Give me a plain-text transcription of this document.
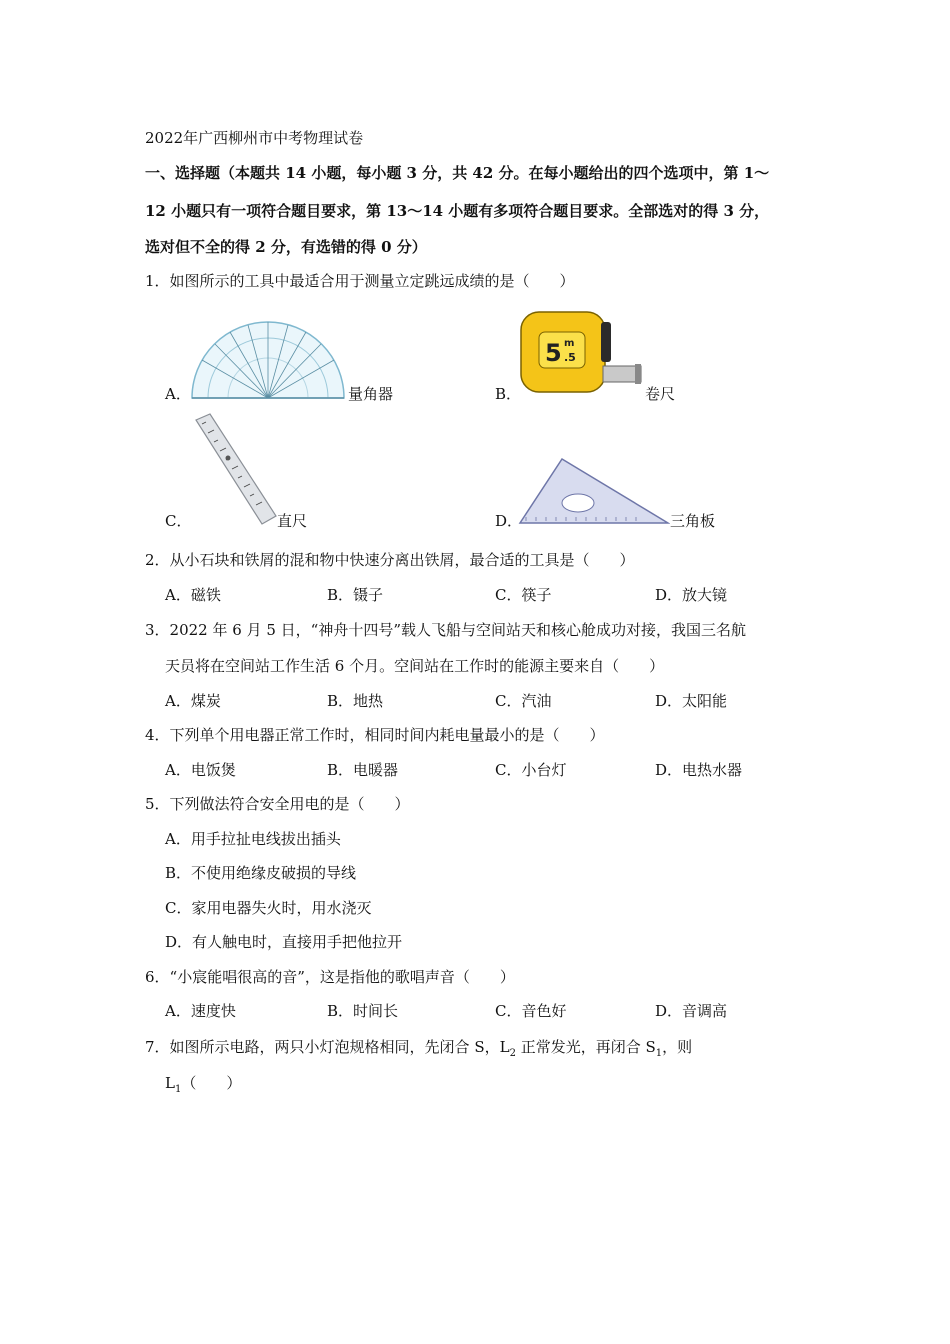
2022年广西柳州市中考物理试卷
一、选择题（本题共 14 小题，每小题 3 分，共 42 分。在每小题给出的四个选项中，第 1～
12 小题只有一项符合题目要求，第 13～14 小题有多项符合题目要求。全部选对的得 3 分，
选对但不全的得 2 分，有选错的得 0 分）
1．如图所示的工具中最适合用于测量立定跳远成绩的是（　　）
A．	量角器	B．
5 m
.5
卷尺
C．	直尺	D．	三角板
2．从小石块和铁屑的混和物中快速分离出铁屑，最合适的工具是（　　）
A．磁铁	B．镊子	C．筷子	D．放大镜
3．2022 年 6 月 5 日，“神舟十四号”载人飞船与空间站天和核心舱成功对接，我国三名航
天员将在空间站工作生活 6 个月。空间站在工作时的能源主要来自（　　）
A．煤炭	B．地热	C．汽油	D．太阳能
4．下列单个用电器正常工作时，相同时间内耗电量最小的是（　　）
A．电饭煲	B．电暖器	C．小台灯	D．电热水器
5．下列做法符合安全用电的是（　　）
A．用手拉扯电线拔出插头
B．不使用绝缘皮破损的导线
C．家用电器失火时，用水浇灭
D．有人触电时，直接用手把他拉开
6．“小宸能唱很高的音”，这是指他的歌唱声音（　　）
A．速度快	B．时间长	C．音色好	D．音调高
7．如图所示电路，两只小灯泡规格相同，先闭合 S，$L_2$ 正常发光，再闭合 $S_1$，则
$L_1$（　　）
